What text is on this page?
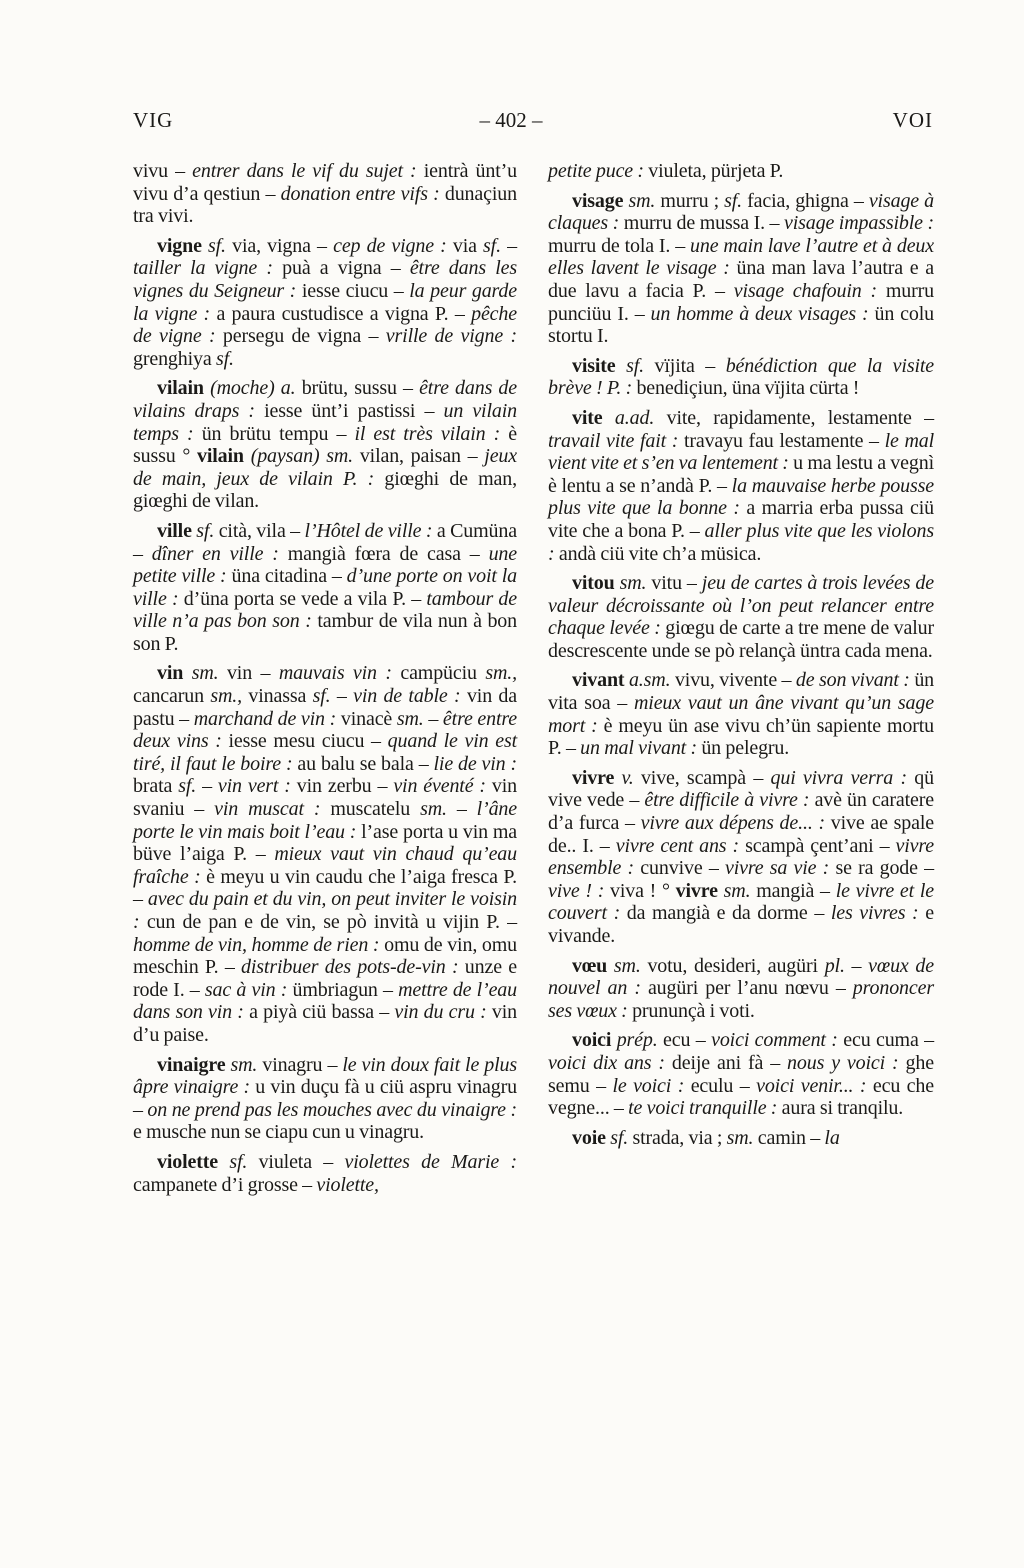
VIG	– 402 –	VOI

vivu – entrer dans le vif du sujet : ientrà ünt’u vivu d’a qestiun – donation entre vifs : dunaçiun tra vivi.

vigne sf. via, vigna – cep de vigne : via sf. – tailler la vigne : puà a vigna – être dans les vignes du Seigneur : iesse ciucu – la peur garde la vigne : a paura custudisce a vigna P. – pêche de vigne : persegu de vigna – vrille de vigne : grenghiya sf.

vilain (moche) a. brütu, sussu – être dans de vilains draps : iesse ünt’i pastissi – un vilain temps : ün brütu tempu – il est très vilain : è sussu ° vilain (paysan) sm. vilan, paisan – jeux de main, jeux de vilain P. : giœghi de man, giœghi de vilan.

ville sf. cità, vila – l’Hôtel de ville : a Cumüna – dîner en ville : mangià fœra de casa – une petite ville : üna citadina – d’une porte on voit la ville : d’üna porta se vede a vila P. – tambour de ville n’a pas bon son : tambur de vila nun à bon son P.

vin sm. vin – mauvais vin : campüciu sm., cancarun sm., vinassa sf. – vin de table : vin da pastu – marchand de vin : vinacè sm. – être entre deux vins : iesse mesu ciucu – quand le vin est tiré, il faut le boire : au balu se bala – lie de vin : brata sf. – vin vert : vin zerbu – vin éventé : vin svaniu – vin muscat : muscatelu sm. – l’âne porte le vin mais boit l’eau : l’ase porta u vin ma büve l’aiga P. – mieux vaut vin chaud qu’eau fraîche : è meyu u vin caudu che l’aiga fresca P. – avec du pain et du vin, on peut inviter le voisin : cun de pan e de vin, se pò invità u vijin P. – homme de vin, homme de rien : omu de vin, omu meschin P. – distribuer des pots-de-vin : unze e rode I. – sac à vin : ümbriagun – mettre de l’eau dans son vin : a piyà ciü bassa – vin du cru : vin d’u paise.

vinaigre sm. vinagru – le vin doux fait le plus âpre vinaigre : u vin duçu fà u ciü aspru vinagru – on ne prend pas les mouches avec du vinaigre : e musche nun se ciapu cun u vinagru.

violette sf. viuleta – violettes de Marie : campanete d’i grosse – violette,

petite puce : viuleta, pürjeta P.

visage sm. murru ; sf. facia, ghigna – visage à claques : murru de mussa I. – visage impassible : murru de tola I. – une main lave l’autre et à deux elles lavent le visage : üna man lava l’autra e a due lavu a facia P. – visage chafouin : murru punciüu I. – un homme à deux visages : ün colu stortu I.

visite sf. vïjita – bénédiction que la visite brève ! P. : benediçiun, üna vïjita cürta !

vite a.ad. vite, rapidamente, lestamente – travail vite fait : travayu fau lestamente – le mal vient vite et s’en va lentement : u ma lestu a vegnì è lentu a se n’andà P. – la mauvaise herbe pousse plus vite que la bonne : a marria erba pussa ciü vite che a bona P. – aller plus vite que les violons : andà ciü vite ch’a müsica.

vitou sm. vitu – jeu de cartes à trois levées de valeur décroissante où l’on peut relancer entre chaque levée : giœgu de carte a tre mene de valur descrescente unde se pò relançà üntra cada mena.

vivant a.sm. vivu, vivente – de son vivant : ün vita soa – mieux vaut un âne vivant qu’un sage mort : è meyu ün ase vivu ch’ün sapiente mortu P. – un mal vivant : ün pelegru.

vivre v. vive, scampà – qui vivra verra : qü vive vede – être difficile à vivre : avè ün caratere d’a furca – vivre aux dépens de... : vive ae spale de.. I. – vivre cent ans : scampà çent’ani – vivre ensemble : cunvive – vivre sa vie : se ra gode – vive ! : viva ! ° vivre sm. mangià – le vivre et le couvert : da mangià e da dorme – les vivres : e vivande.

vœu sm. votu, desideri, augüri pl. – vœux de nouvel an : augüri per l’anu nœvu – prononcer ses vœux : prununçà i voti.

voici prép. ecu – voici comment : ecu cuma – voici dix ans : deije ani fà – nous y voici : ghe semu – le voici : eculu – voici venir... : ecu che vegne... – te voici tranquille : aura si tranqilu.

voie sf. strada, via ; sm. camin – la
